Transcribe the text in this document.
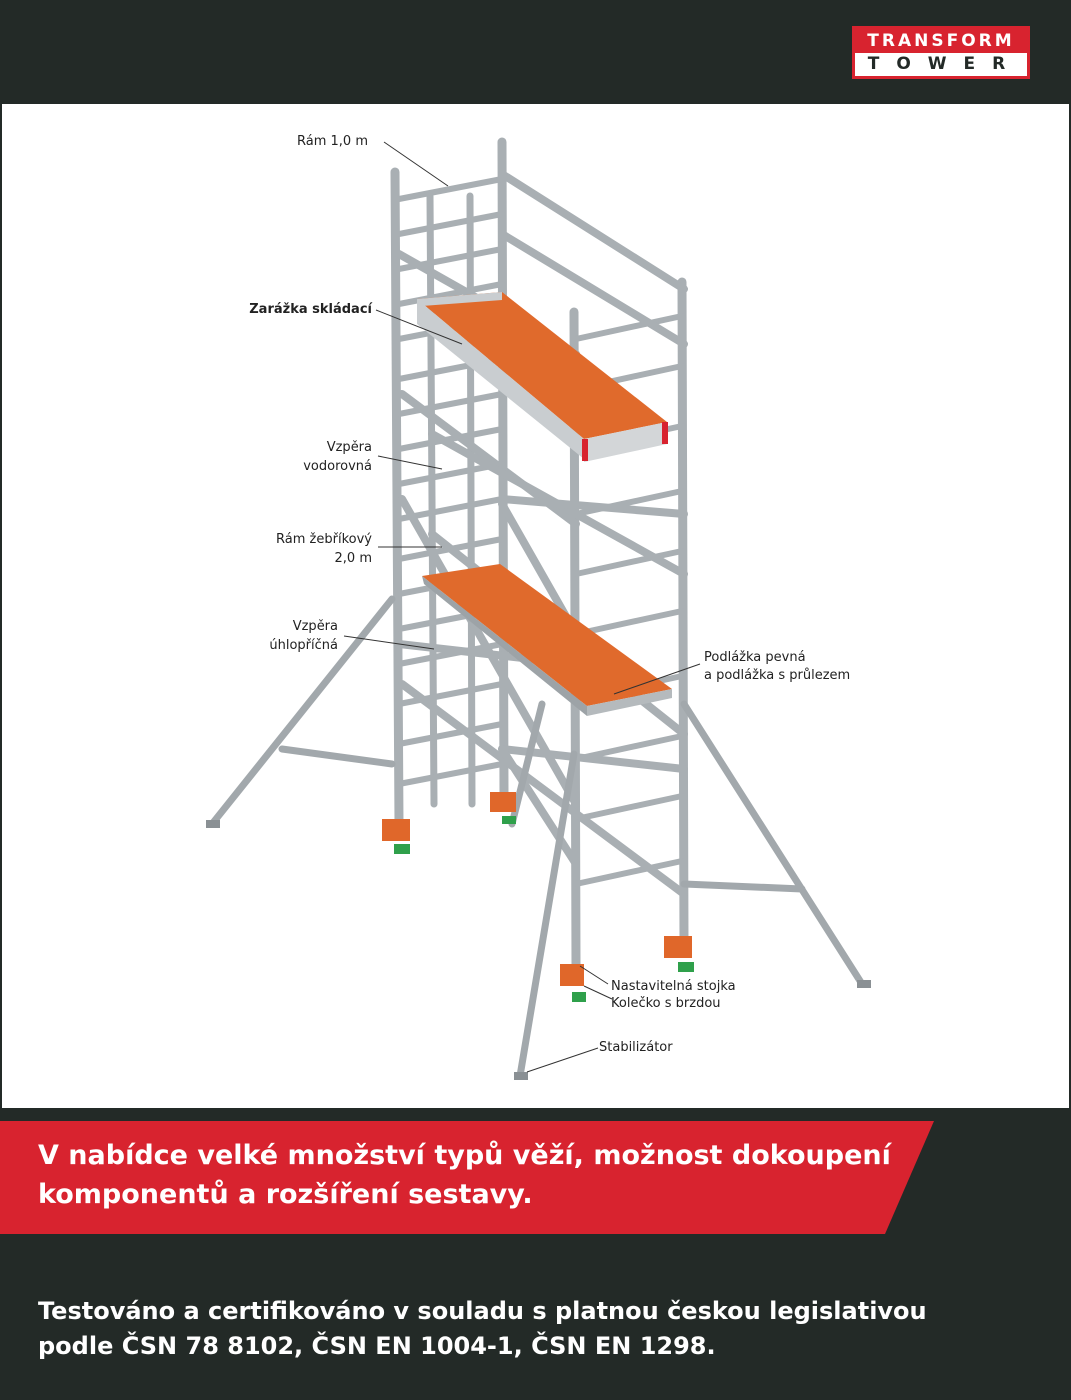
TRANSFORM
TOWER
Rám 1,0 m
Zarážka skládací
Vzpěra
vodorovná
Rám žebříkový
2,0 m
Vzpěra
úhlopříčná
Podlážka pevná
a podlážka s průlezem
Nastavitelná stojka
Kolečko s brzdou
Stabilizátor
V nabídce velké množství typů věží, možnost dokoupení
komponentů a rozšíření sestavy.
Testováno a certifikováno v souladu s platnou českou legislativou
podle ČSN 78 8102, ČSN EN 1004-1, ČSN EN 1298.
